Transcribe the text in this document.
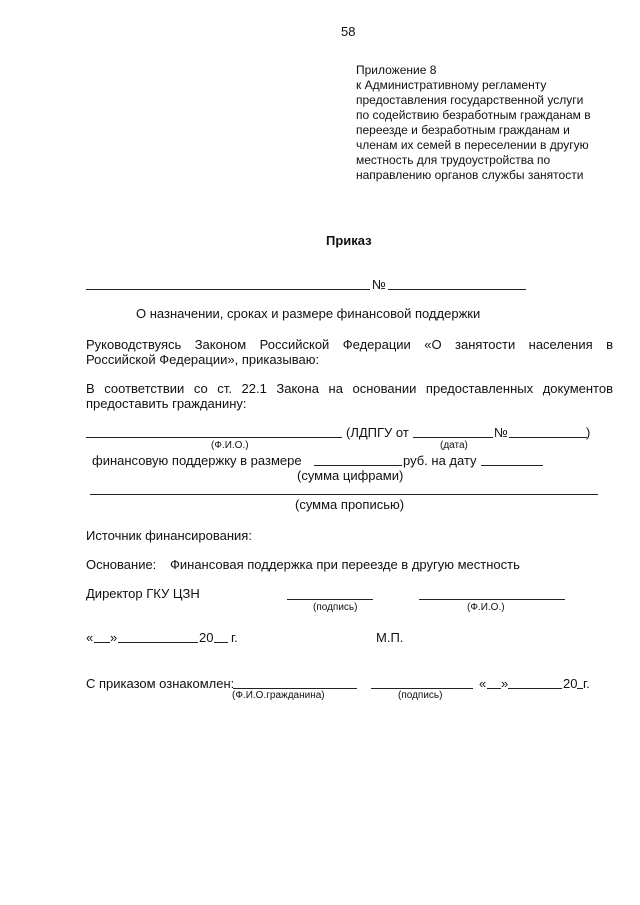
58
Приложение 8
к Административному регламенту
предоставления государственной услуги
по содействию безработным гражданам в
переезде и безработным гражданам и
членам их семей в переселении в другую
местность для трудоустройства по
направлению органов службы занятости
Приказ
№
О назначении, сроках и размере финансовой поддержки
Руководствуясь Законом Российской Федерации «О занятости населения в
Российской Федерации», приказываю:
В соответствии со ст. 22.1 Закона на основании предоставленных документов
предоставить гражданину:
(ЛДПГУ от	№	)
(Ф.И.О.)	(дата)
финансовую поддержку в размере	руб. на дату
(сумма цифрами)
(сумма прописью)
Источник финансирования:
Основание: Финансовая поддержка при переезде в другую местность
Директор ГКУ ЦЗН
(подпись)	(Ф.И.О.)
« »	20 г.	М.П.
С приказом ознакомлен:	« »	20 г.
(Ф.И.О.гражданина)	(подпись)
